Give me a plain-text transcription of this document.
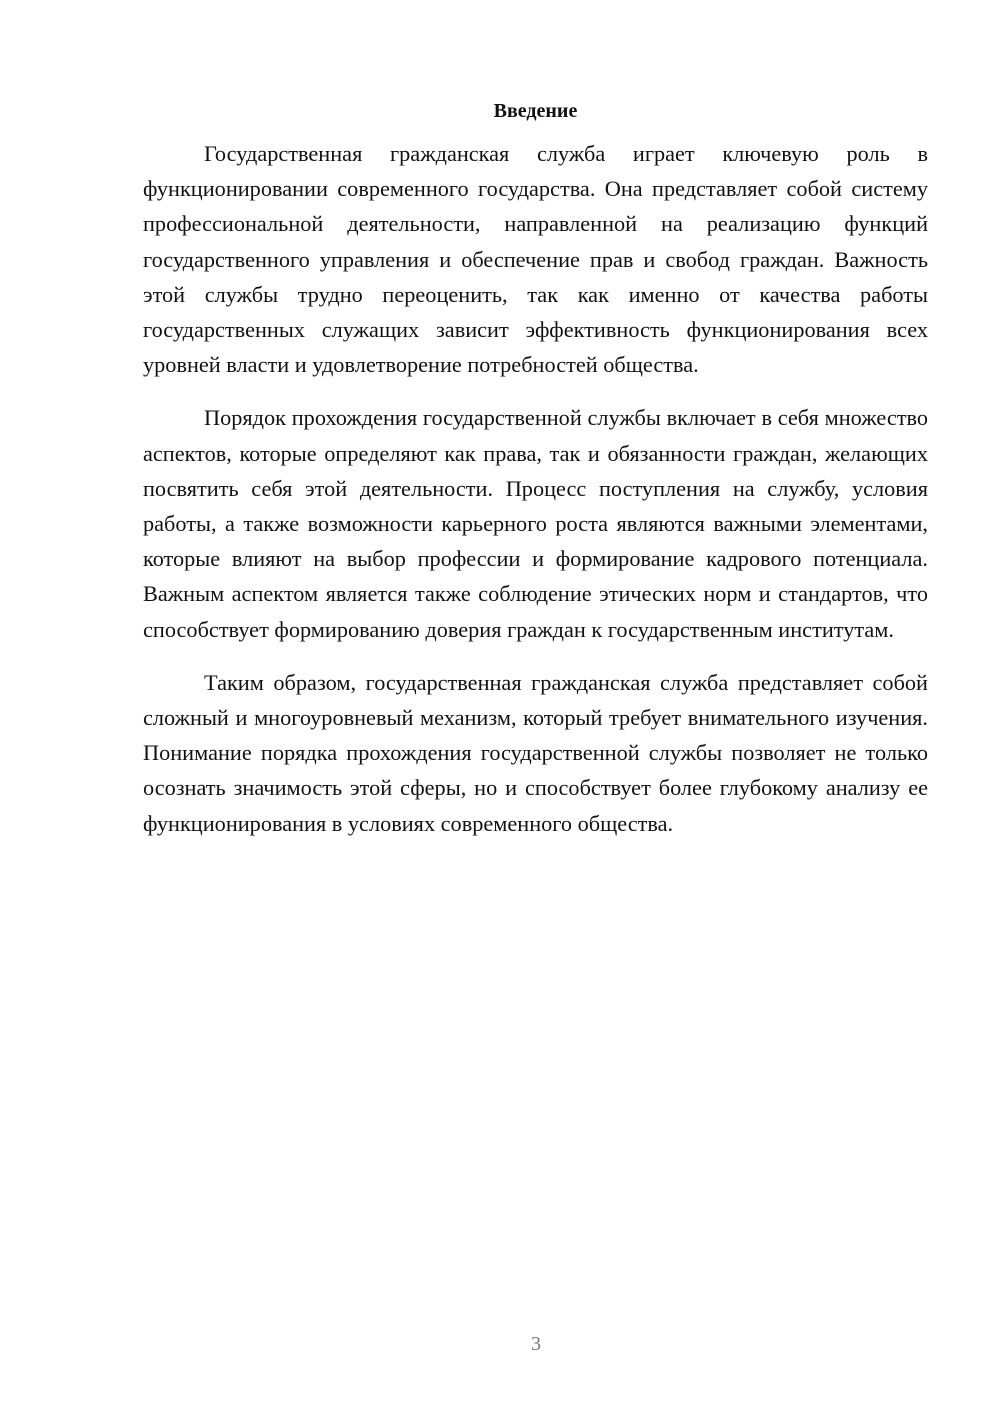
Введение

Государственная гражданская служба играет ключевую роль в функционировании современного государства. Она представляет собой систему профессиональной деятельности, направленной на реализацию функций государственного управления и обеспечение прав и свобод граждан. Важность этой службы трудно переоценить, так как именно от качества работы государственных служащих зависит эффективность функционирования всех уровней власти и удовлетворение потребностей общества.

Порядок прохождения государственной службы включает в себя множество аспектов, которые определяют как права, так и обязанности граждан, желающих посвятить себя этой деятельности. Процесс поступления на службу, условия работы, а также возможности карьерного роста являются важными элементами, которые влияют на выбор профессии и формирование кадрового потенциала. Важным аспектом является также соблюдение этических норм и стандартов, что способствует формированию доверия граждан к государственным институтам.

Таким образом, государственная гражданская служба представляет собой сложный и многоуровневый механизм, который требует внимательного изучения. Понимание порядка прохождения государственной службы позволяет не только осознать значимость этой сферы, но и способствует более глубокому анализу ее функционирования в условиях современного общества.

3
